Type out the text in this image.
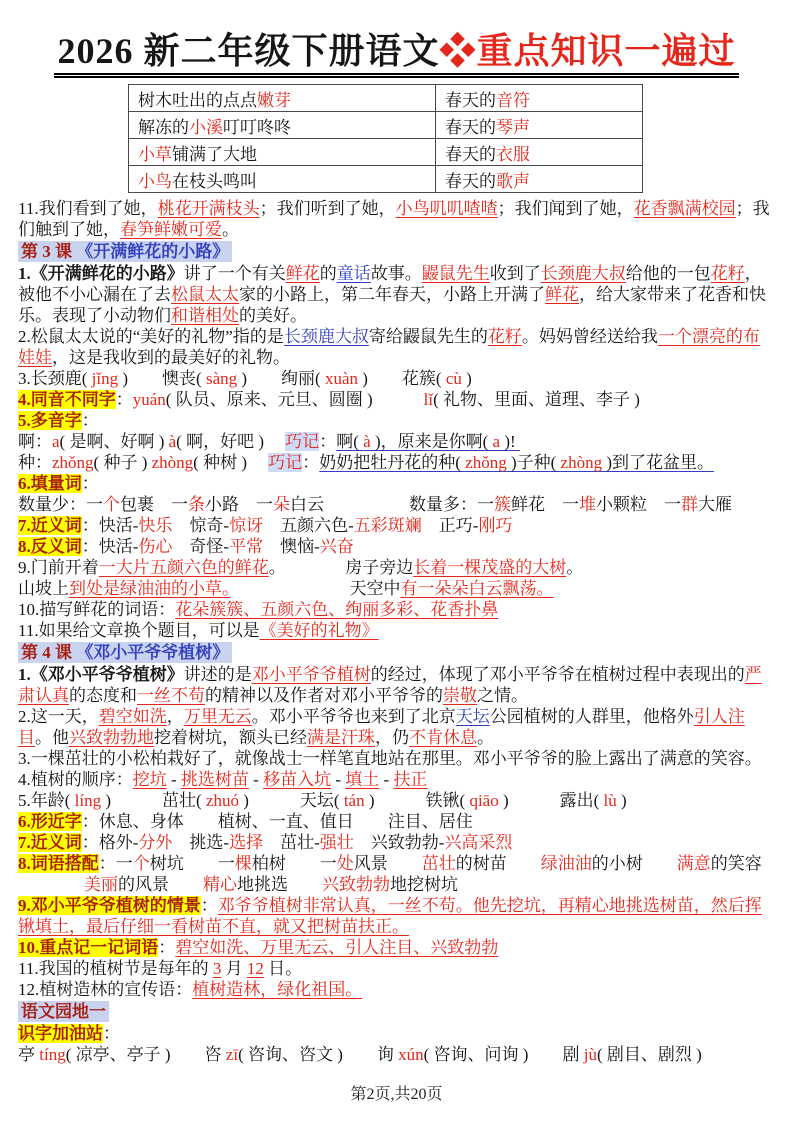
2026 新二年级下册语文❖重点知识一遍过
树木吐出的点点嫩芽	春天的音符
解冻的小溪叮叮咚咚	春天的琴声
小草铺满了大地	春天的衣服
小鸟在枝头鸣叫	春天的歌声

11.我们看到了她，桃花开满枝头；我们听到了她，小鸟叽叽喳喳；我们闻到了她，花香飘满校园；我们触到了她，春笋鲜嫩可爱。

第 3 课 《开满鲜花的小路》

1.《开满鲜花的小路》讲了一个有关鲜花的童话故事。鼹鼠先生收到了长颈鹿大叔给他的一包花籽，被他不小心漏在了去松鼠太太家的小路上，第二年春天，小路上开满了鲜花，给大家带来了花香和快乐。表现了小动物们和谐相处的美好。

2.松鼠太太说的“美好的礼物”指的是长颈鹿大叔寄给鼹鼠先生的花籽。妈妈曾经送给我一个漂亮的布娃娃，这是我收到的最美好的礼物。

3.长颈鹿( jǐng )　　懊丧( sàng )　　绚丽( xuàn )　　花簇( cù )

4.同音不同字：yuán( 队员、原来、元旦、圆圈 )　　　lǐ( 礼物、里面、道理、李子 )

5.多音字：

啊：a( 是啊、好啊 ) à( 啊，好吧 )　 巧记：啊( à )，原来是你啊( a )!

种：zhǒng( 种子 ) zhòng( 种树 )　 巧记：奶奶把牡丹花的种( zhǒng )子种( zhòng )到了花盆里。

6.填量词：

数量少：一个包裹　一条小路　一朵白云　　　　　数量多：一簇鲜花　一堆小颗粒　一群大雁

7.近义词：快活-快乐　惊奇-惊讶　五颜六色-五彩斑斓　正巧-刚巧

8.反义词：快活-伤心　奇怪-平常　懊恼-兴奋

9.门前开着一大片五颜六色的鲜花。　　　　房子旁边长着一棵茂盛的大树。

山坡上到处是绿油油的小草。　　　　　　　天空中有一朵朵白云飘荡。

10.描写鲜花的词语：花朵簇簇、五颜六色、绚丽多彩、花香扑鼻

11.如果给文章换个题目，可以是《美好的礼物》

第 4 课 《邓小平爷爷植树》

1.《邓小平爷爷植树》讲述的是邓小平爷爷植树的经过，体现了邓小平爷爷在植树过程中表现出的严肃认真的态度和一丝不苟的精神以及作者对邓小平爷爷的崇敬之情。

2.这一天，碧空如洗，万里无云。邓小平爷爷也来到了北京天坛公园植树的人群里，他格外引人注目。他兴致勃勃地挖着树坑，额头已经满是汗珠，仍不肯休息。

3.一棵茁壮的小松柏栽好了，就像战士一样笔直地站在那里。邓小平爷爷的脸上露出了满意的笑容。

4.植树的顺序：挖坑 - 挑选树苗 - 移苗入坑 - 填土 - 扶正

5.年龄( líng )　　　茁壮( zhuó )　　　天坛( tán )　　　铁锹( qiāo )　　　露出( lù )

6.形近字：休息、身体　　植树、一直、值日　　注目、居住

7.近义词：格外-分外　挑选-选择　茁壮-强壮　兴致勃勃-兴高采烈

8.词语搭配：一个树坑　　一棵柏树　　一处风景　　茁壮的树苗　　绿油油的小树　　满意的笑容

美丽的风景　　精心地挑选　　兴致勃勃地挖树坑

9.邓小平爷爷植树的情景：邓爷爷植树非常认真，一丝不苟。他先挖坑，再精心地挑选树苗，然后挥锹填土，最后仔细一看树苗不直，就又把树苗扶正。

10.重点记一记词语：碧空如洗、万里无云、引人注目、兴致勃勃

11.我国的植树节是每年的 3 月 12 日。

12.植树造林的宣传语：植树造林，绿化祖国。

语文园地一

识字加油站：

亭 tíng( 凉亭、亭子 )　　咨 zī( 咨询、咨文 )　　询 xún( 咨询、问询 )　　剧 jù( 剧目、剧烈 )

第2页,共20页
